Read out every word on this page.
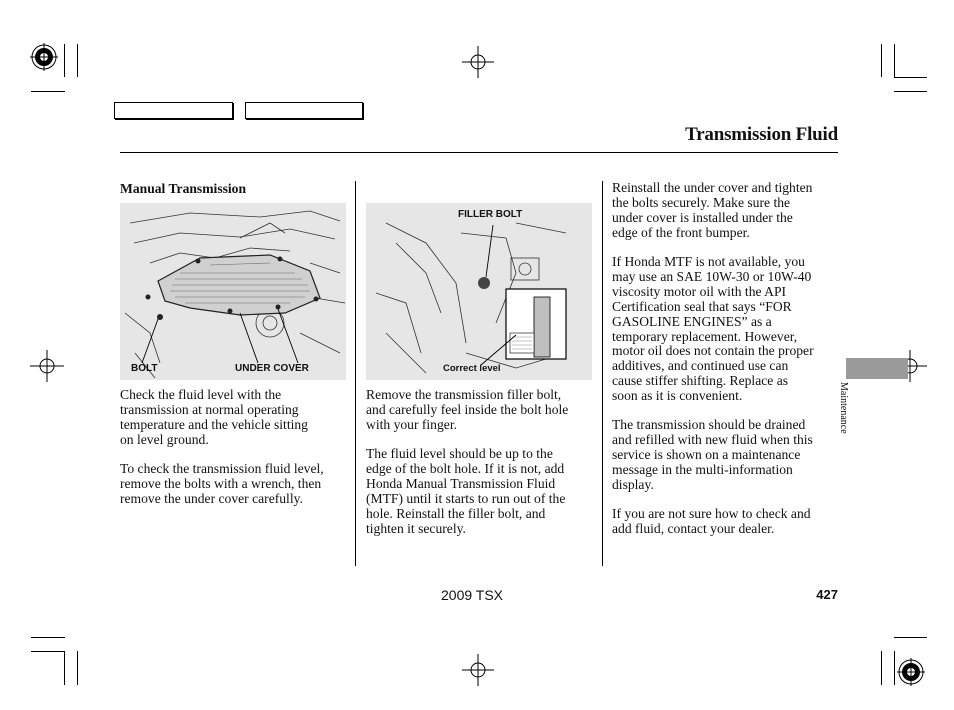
Transmission Fluid
Manual Transmission
BOLT	UNDER COVER
Check the fluid level with the
transmission at normal operating
temperature and the vehicle sitting
on level ground.
To check the transmission fluid level,
remove the bolts with a wrench, then
remove the under cover carefully.
FILLER BOLT
Correct level
Remove the transmission filler bolt,
and carefully feel inside the bolt hole
with your finger.
The fluid level should be up to the
edge of the bolt hole. If it is not, add
Honda Manual Transmission Fluid
(MTF) until it starts to run out of the
hole. Reinstall the filler bolt, and
tighten it securely.
Reinstall the under cover and tighten
the bolts securely. Make sure the
under cover is installed under the
edge of the front bumper.
If Honda MTF is not available, you
may use an SAE 10W-30 or 10W-40
viscosity motor oil with the API
Certification seal that says “FOR
GASOLINE ENGINES” as a
temporary replacement. However,
motor oil does not contain the proper
additives, and continued use can
cause stiffer shifting. Replace as
soon as it is convenient.
The transmission should be drained
and refilled with new fluid when this
service is shown on a maintenance
message in the multi-information
display.
If you are not sure how to check and
add fluid, contact your dealer.
Maintenance
2009 TSX	427
